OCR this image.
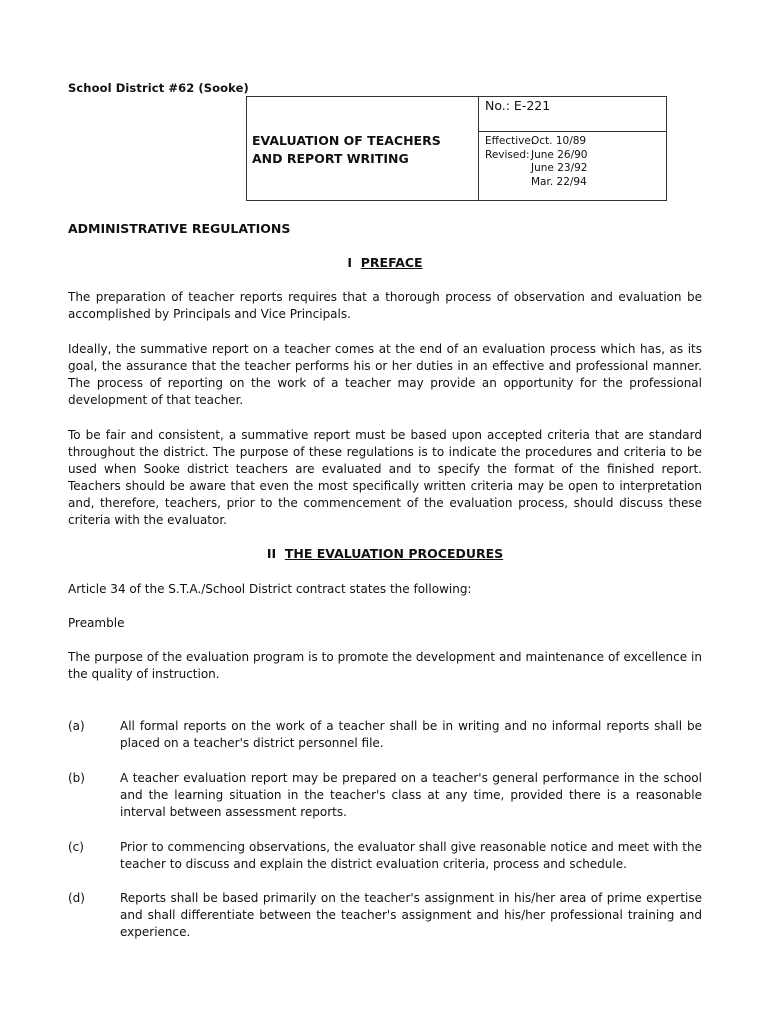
School District #62 (Sooke)
No.: E-221
EVALUATION OF TEACHERS
AND REPORT WRITING
Effective:
Oct. 10/89
Revised: June 26/90
June 23/92
Mar. 22/94
ADMINISTRATIVE REGULATIONS
I PREFACE
The preparation of teacher reports requires that a thorough process of observation and evaluation be accomplished by Principals and Vice Principals.
Ideally, the summative report on a teacher comes at the end of an evaluation process which has, as its goal, the assurance that the teacher performs his or her duties in an effective and professional manner. The process of reporting on the work of a teacher may provide an opportunity for the professional development of that teacher.
To be fair and consistent, a summative report must be based upon accepted criteria that are standard throughout the district. The purpose of these regulations is to indicate the procedures and criteria to be used when Sooke district teachers are evaluated and to specify the format of the finished report. Teachers should be aware that even the most specifically written criteria may be open to interpretation and, therefore, teachers, prior to the commencement of the evaluation process, should discuss these criteria with the evaluator.
II THE EVALUATION PROCEDURES
Article 34 of the S.T.A./School District contract states the following:
Preamble
The purpose of the evaluation program is to promote the development and maintenance of excellence in the quality of instruction.
(a)	All formal reports on the work of a teacher shall be in writing and no informal reports shall be placed on a teacher's district personnel file.
(b)	A teacher evaluation report may be prepared on a teacher's general performance in the school and the learning situation in the teacher's class at any time, provided there is a reasonable interval between assessment reports.
(c)	Prior to commencing observations, the evaluator shall give reasonable notice and meet with the teacher to discuss and explain the district evaluation criteria, process and schedule.
(d)	Reports shall be based primarily on the teacher's assignment in his/her area of prime expertise and shall differentiate between the teacher's assignment and his/her professional training and experience.
